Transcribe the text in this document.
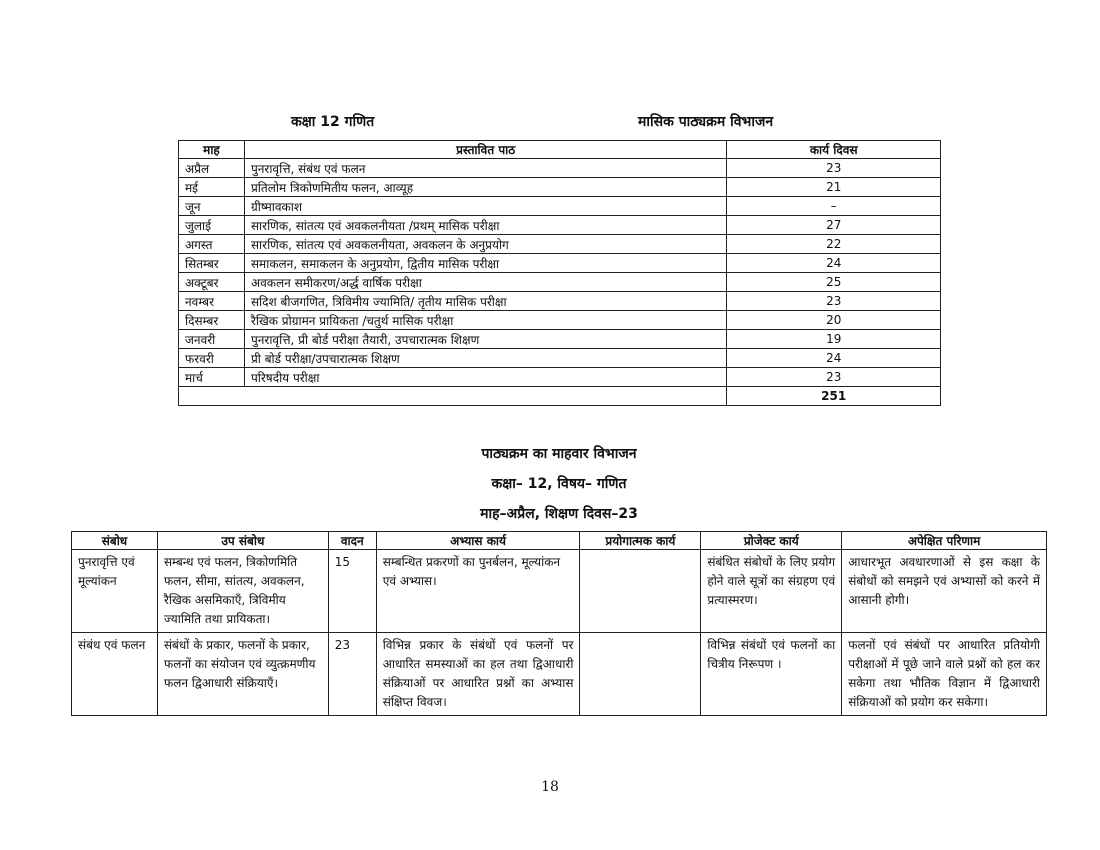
कक्षा 12 गणित	मासिक पाठ्यक्रम विभाजन
माह	प्रस्तावित पाठ	कार्य दिवस
अप्रैल	पुनरावृत्ति, संबंध एवं फलन	23
मई	प्रतिलोम त्रिकोणमितीय फलन, आव्यूह	21
जून	ग्रीष्मावकाश	–
जुलाई	सारणिक, सांतत्य एवं अवकलनीयता /प्रथम् मासिक परीक्षा	27
अगस्त	सारणिक, सांतत्य एवं अवकलनीयता, अवकलन के अनुप्रयोग	22
सितम्बर	समाकलन, समाकलन के अनुप्रयोग, द्वितीय मासिक परीक्षा	24
अक्टूबर	अवकलन समीकरण/अर्द्ध वार्षिक परीक्षा	25
नवम्बर	सदिश बीजगणित, त्रिविमीय ज्यामिति/ तृतीय मासिक परीक्षा	23
दिसम्बर	रैखिक प्रोग्रामन प्रायिकता /चतुर्थ मासिक परीक्षा	20
जनवरी	पुनरावृत्ति, प्री बोर्ड परीक्षा तैयारी, उपचारात्मक शिक्षण	19
फरवरी	प्री बोर्ड परीक्षा/उपचारात्मक शिक्षण	24
मार्च	परिषदीय परीक्षा	23
		251
पाठ्यक्रम का माहवार विभाजन
कक्षा– 12, विषय– गणित
माह–अप्रैल, शिक्षण दिवस–23
संबोध	उप संबोध	वादन	अभ्यास कार्य	प्रयोगात्मक कार्य	प्रोजेक्ट कार्य	अपेक्षित परिणाम
पुनरावृत्ति एवं मूल्यांकन	सम्बन्ध एवं फलन, त्रिकोणमिति फलन, सीमा, सांतत्य, अवकलन, रैखिक असमिकाएँ, त्रिविमीय ज्यामिति तथा प्रायिकता।	15	सम्बन्धित प्रकरणों का पुनर्बलन, मूल्यांकन एवं अभ्यास।		संबंधित संबोधों के लिए प्रयोग होने वाले सूत्रों का संग्रहण एवं प्रत्यास्मरण।	आधारभूत अवधारणाओं से इस कक्षा के संबोधों को समझने एवं अभ्यासों को करने में आसानी होगी।
संबंध एवं फलन	संबंधों के प्रकार, फलनों के प्रकार, फलनों का संयोजन एवं व्युत्क्रमणीय फलन द्विआधारी संक्रियाएँ।	23	विभिन्न प्रकार के संबंधों एवं फलनों पर आधारित समस्याओं का हल तथा द्विआधारी संक्रियाओं पर आधारित प्रश्नों का अभ्यास संक्षिप्त विवज।		विभिन्न संबंधों एवं फलनों का चित्रीय निरूपण ।	फलनों एवं संबंधों पर आधारित प्रतियोगी परीक्षाओं में पूछे जाने वाले प्रश्नों को हल कर सकेगा तथा भौतिक विज्ञान में द्विआधारी संक्रियाओं को प्रयोग कर सकेगा।
18
